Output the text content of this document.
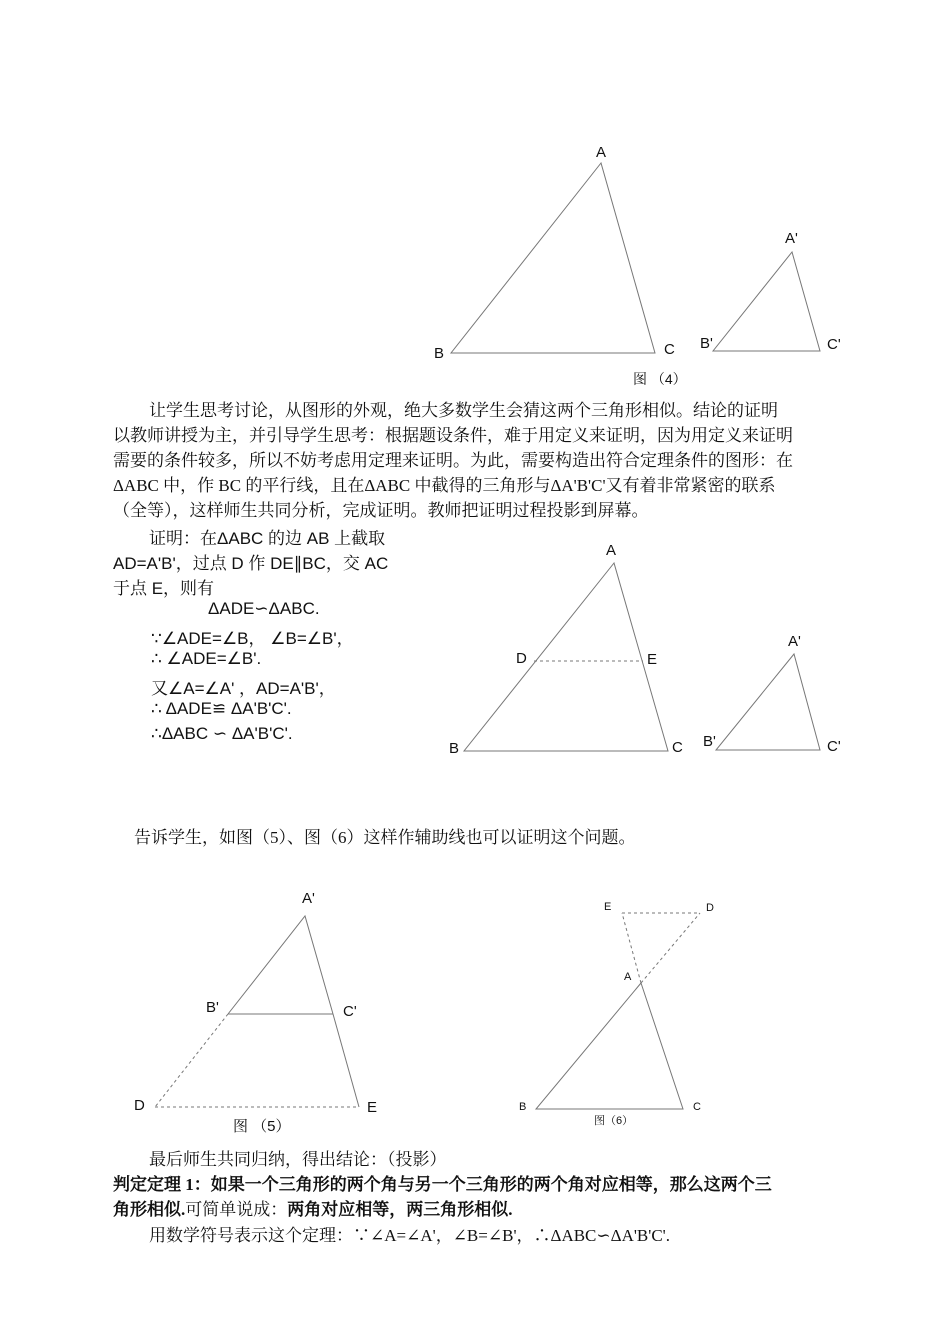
A
B	C
A'
B'	C'
图 （4）
A
D	E
B	C
A'
B'	C'
A'
B'	C'
D	E
图 （5）
E	D
A
B	C
图（6）
让学生思考讨论，从图形的外观，绝大多数学生会猜这两个三角形相似。结论的证明
以教师讲授为主，并引导学生思考：根据题设条件，难于用定义来证明，因为用定义来证明
需要的条件较多，所以不妨考虑用定理来证明。为此，需要构造出符合定理条件的图形：在
ΔABC 中，作 BC 的平行线，且在ΔABC 中截得的三角形与ΔA'B'C'又有着非常紧密的联系
（全等），这样师生共同分析，完成证明。教师把证明过程投影到屏幕。
证明：在ΔABC 的边 AB 上截取
AD=A'B'，过点 D 作 DE∥BC，交 AC
于点 E，则有
ΔADE∽ΔABC.
∵∠ADE=∠B， ∠B=∠B'，
∴ ∠ADE=∠B'.
又∠A=∠A' ，AD=A'B'，
∴ ΔADE≌ ΔA'B'C'.
∴ΔABC ∽ ΔA'B'C'.
告诉学生，如图（5）、图（6）这样作辅助线也可以证明这个问题。
最后师生共同归纳，得出结论：（投影）
判定定理 1：如果一个三角形的两个角与另一个三角形的两个角对应相等，那么这两个三
角形相似.可简单说成：两角对应相等，两三角形相似.
用数学符号表示这个定理：∵∠A=∠A'，∠B=∠B'，∴ΔABC∽ΔA'B'C'.
